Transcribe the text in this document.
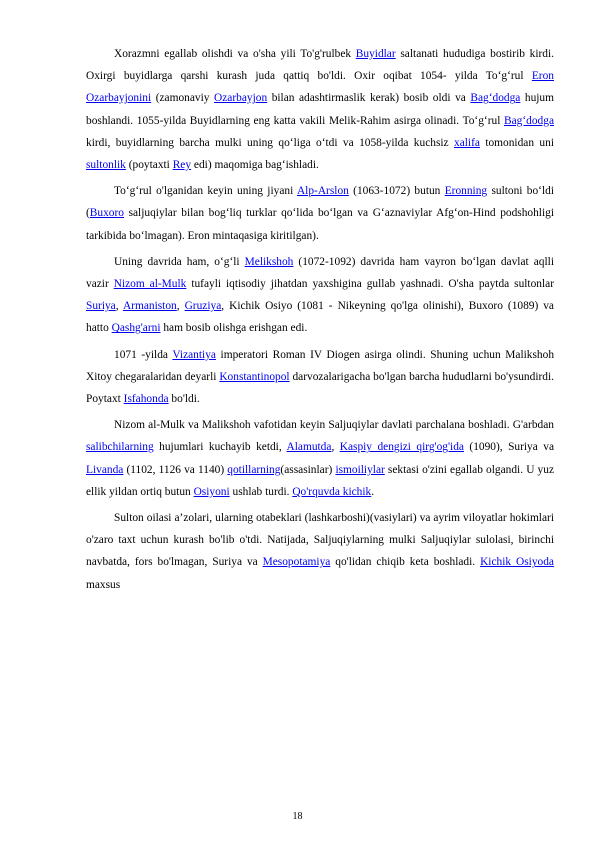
Xorazmni egallab olishdi va o'sha yili To'g'rulbek Buyidlar saltanati hududiga bostirib kirdi. Oxirgi buyidlarga qarshi kurash juda qattiq bo'ldi. Oxir oqibat 1054- yilda Toʻgʻrul Eron Ozarbayjonini (zamonaviy Ozarbayjon bilan adashtirmaslik kerak) bosib oldi va Bagʻdodga hujum boshlandi. 1055-yilda Buyidlarning eng katta vakili Melik-Rahim asirga olinadi. Toʻgʻrul Bagʻdodga kirdi, buyidlarning barcha mulki uning qoʻliga oʻtdi va 1058-yilda kuchsiz xalifa tomonidan uni sultonlik (poytaxti Rey edi) maqomiga bagʻishladi.

Toʻgʻrul o'lganidan keyin uning jiyani Alp-Arslon (1063-1072) butun Eronning sultoni boʻldi (Buxoro saljuqiylar bilan bogʻliq turklar qoʻlida boʻlgan va Gʻaznaviylar Afgʻon-Hind podshohligi tarkibida boʻlmagan). Eron mintaqasiga kiritilgan).

Uning davrida ham, oʻgʻli Melikshoh (1072-1092) davrida ham vayron boʻlgan davlat aqlli vazir Nizom al-Mulk tufayli iqtisodiy jihatdan yaxshigina gullab yashnadi. O'sha paytda sultonlar Suriya, Armaniston, Gruziya, Kichik Osiyo (1081 - Nikeyning qo'lga olinishi), Buxoro (1089) va hatto Qashg'arni ham bosib olishga erishgan edi.

1071 -yilda Vizantiya imperatori Roman IV Diogen asirga olindi. Shuning uchun Malikshoh Xitoy chegaralaridan deyarli Konstantinopol darvozalarigacha bo'lgan barcha hududlarni bo'ysundirdi. Poytaxt Isfahonda bo'ldi.

Nizom al-Mulk va Malikshoh vafotidan keyin Saljuqiylar davlati parchalana boshladi. G'arbdan salibchilarning hujumlari kuchayib ketdi, Alamutda, Kaspiy dengizi qirg'og'ida (1090), Suriya va Livanda (1102, 1126 va 1140) qotillarning(assasinlar) ismoiliylar sektasi o'zini egallab olgandi. U yuz ellik yildan ortiq butun Osiyoni ushlab turdi. Qo'rquvda kichik.

Sulton oilasi a’zolari, ularning otabeklari (lashkarboshi)(vasiylari) va ayrim viloyatlar hokimlari o'zaro taxt uchun kurash bo'lib o'tdi. Natijada, Saljuqiylarning mulki Saljuqiylar sulolasi, birinchi navbatda, fors bo'lmagan, Suriya va Mesopotamiya qo'lidan chiqib keta boshladi. Kichik Osiyoda maxsus

18
